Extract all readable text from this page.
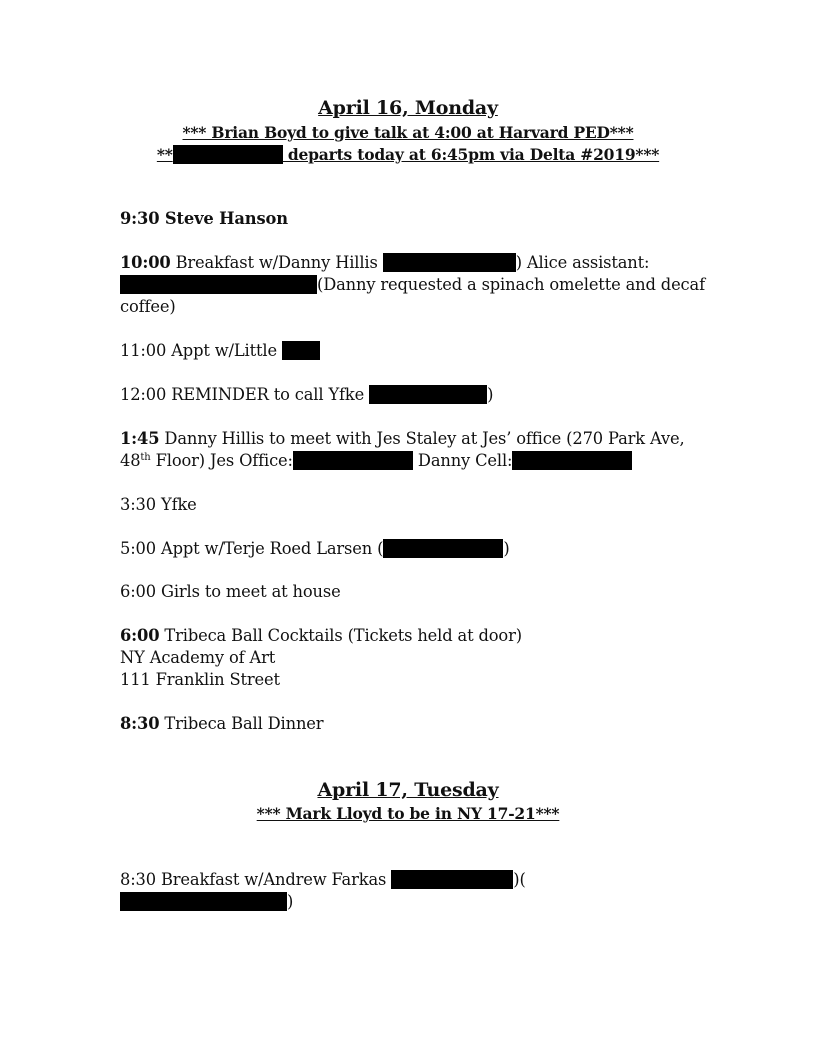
April 16, Monday
*** Brian Boyd to give talk at 4:00 at Harvard PED***
**	departs today at 6:45pm via Delta #2019***
9:30 Steve Hanson
10:00 Breakfast w/Danny Hillis	) Alice assistant:
(Danny requested a spinach omelette and decaf
coffee)
11:00 Appt w/Little
12:00 REMINDER to call Yfke	)
1:45 Danny Hillis to meet with Jes Staley at Jes’ office (270 Park Ave,
48th Floor) Jes Office:	Danny Cell:
3:30 Yfke
5:00 Appt w/Terje Roed Larsen (	)
6:00 Girls to meet at house
6:00 Tribeca Ball Cocktails (Tickets held at door)
NY Academy of Art
111 Franklin Street
8:30 Tribeca Ball Dinner
April 17, Tuesday
*** Mark Lloyd to be in NY 17-21***
8:30 Breakfast w/Andrew Farkas	)(
)
